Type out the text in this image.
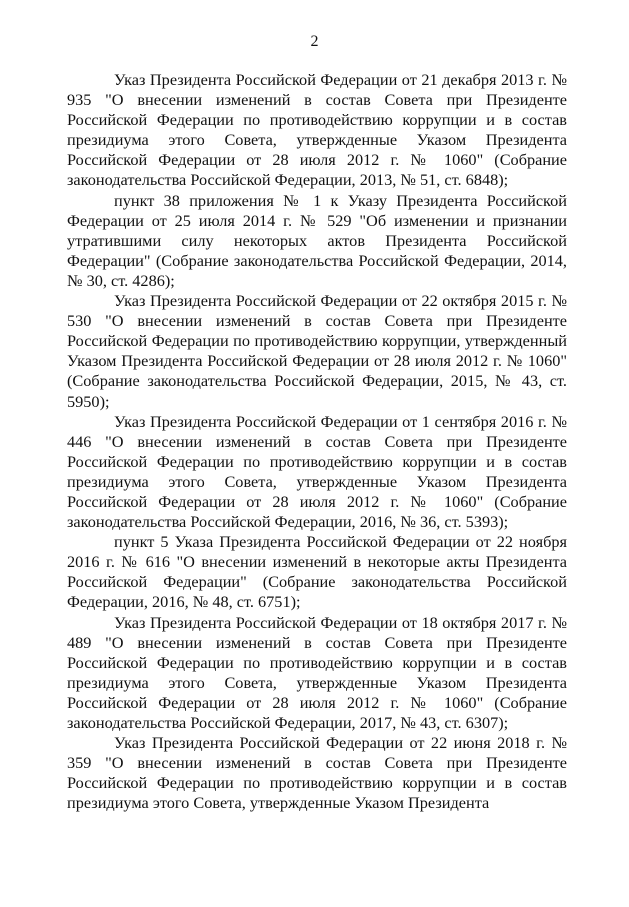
2

Указ Президента Российской Федерации от 21 декабря 2013 г. № 935 "О внесении изменений в состав Совета при Президенте Российской Федерации по противодействию коррупции и в состав президиума этого Совета, утвержденные Указом Президента Российской Федерации от 28 июля 2012 г. № 1060" (Собрание законодательства Российской Федерации, 2013, № 51, ст. 6848);

пункт 38 приложения № 1 к Указу Президента Российской Федерации от 25 июля 2014 г. № 529 "Об изменении и признании утратившими силу некоторых актов Президента Российской Федерации" (Собрание законодательства Российской Федерации, 2014, № 30, ст. 4286);

Указ Президента Российской Федерации от 22 октября 2015 г. № 530 "О внесении изменений в состав Совета при Президенте Российской Федерации по противодействию коррупции, утвержденный Указом Президента Российской Федерации от 28 июля 2012 г. № 1060" (Собрание законодательства Российской Федерации, 2015, № 43, ст. 5950);

Указ Президента Российской Федерации от 1 сентября 2016 г. № 446 "О внесении изменений в состав Совета при Президенте Российской Федерации по противодействию коррупции и в состав президиума этого Совета, утвержденные Указом Президента Российской Федерации от 28 июля 2012 г. № 1060" (Собрание законодательства Российской Федерации, 2016, № 36, ст. 5393);

пункт 5 Указа Президента Российской Федерации от 22 ноября 2016 г. № 616 "О внесении изменений в некоторые акты Президента Российской Федерации" (Собрание законодательства Российской Федерации, 2016, № 48, ст. 6751);

Указ Президента Российской Федерации от 18 октября 2017 г. № 489 "О внесении изменений в состав Совета при Президенте Российской Федерации по противодействию коррупции и в состав президиума этого Совета, утвержденные Указом Президента Российской Федерации от 28 июля 2012 г. № 1060" (Собрание законодательства Российской Федерации, 2017, № 43, ст. 6307);

Указ Президента Российской Федерации от 22 июня 2018 г. № 359 "О внесении изменений в состав Совета при Президенте Российской Федерации по противодействию коррупции и в состав президиума этого Совета, утвержденные Указом Президента
